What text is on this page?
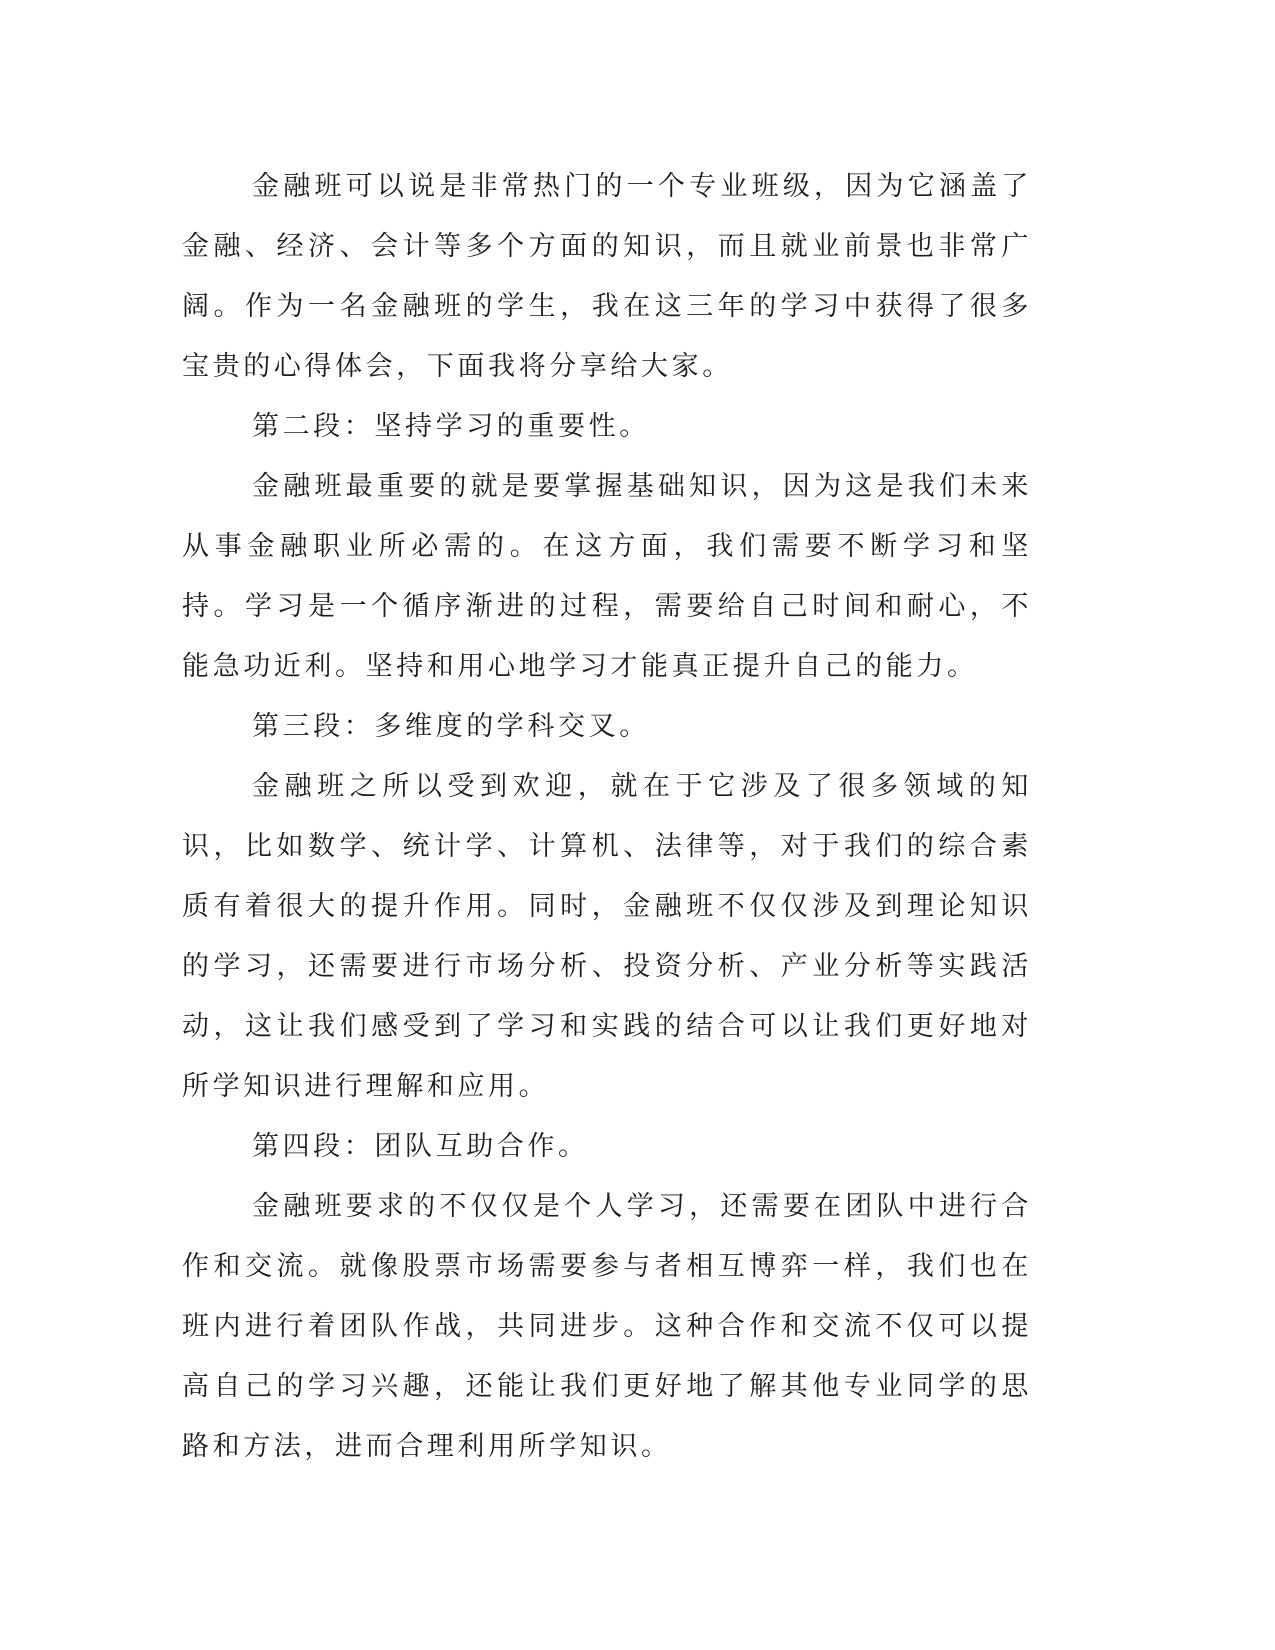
金融班可以说是非常热门的一个专业班级，因为它涵盖了金融、经济、会计等多个方面的知识，而且就业前景也非常广阔。作为一名金融班的学生，我在这三年的学习中获得了很多宝贵的心得体会，下面我将分享给大家。

第二段：坚持学习的重要性。

金融班最重要的就是要掌握基础知识，因为这是我们未来从事金融职业所必需的。在这方面，我们需要不断学习和坚持。学习是一个循序渐进的过程，需要给自己时间和耐心，不能急功近利。坚持和用心地学习才能真正提升自己的能力。

第三段：多维度的学科交叉。

金融班之所以受到欢迎，就在于它涉及了很多领域的知识，比如数学、统计学、计算机、法律等，对于我们的综合素质有着很大的提升作用。同时，金融班不仅仅涉及到理论知识的学习，还需要进行市场分析、投资分析、产业分析等实践活动，这让我们感受到了学习和实践的结合可以让我们更好地对所学知识进行理解和应用。

第四段：团队互助合作。

金融班要求的不仅仅是个人学习，还需要在团队中进行合作和交流。就像股票市场需要参与者相互博弈一样，我们也在班内进行着团队作战，共同进步。这种合作和交流不仅可以提高自己的学习兴趣，还能让我们更好地了解其他专业同学的思路和方法，进而合理利用所学知识。
